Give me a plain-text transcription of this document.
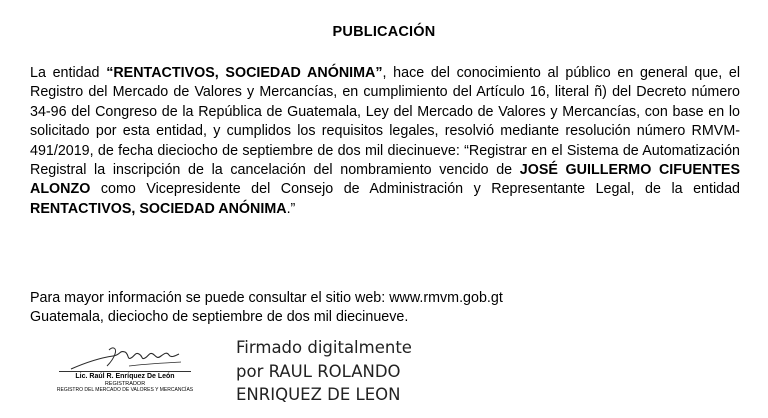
PUBLICACIÓN
La entidad “RENTACTIVOS, SOCIEDAD ANÓNIMA”, hace del conocimiento al público en general que, el Registro del Mercado de Valores y Mercancías, en cumplimiento del Artículo 16, literal ñ) del Decreto número 34-96 del Congreso de la República de Guatemala, Ley del Mercado de Valores y Mercancías, con base en lo solicitado por esta entidad, y cumplidos los requisitos legales, resolvió mediante resolución número RMVM-491/2019, de fecha dieciocho de septiembre de dos mil diecinueve: “Registrar en el Sistema de Automatización Registral la inscripción de la cancelación del nombramiento vencido de JOSÉ GUILLERMO CIFUENTES ALONZO como Vicepresidente del Consejo de Administración y Representante Legal, de la entidad RENTACTIVOS, SOCIEDAD ANÓNIMA.”
Para mayor información se puede consultar el sitio web: www.rmvm.gob.gt
Guatemala, dieciocho de septiembre de dos mil diecinueve.
Lic. Raúl R. Enríquez De León
REGISTRADOR
REGISTRO DEL MERCADO DE VALORES Y MERCANCÍAS
Firmado digitalmente
por RAUL ROLANDO
ENRIQUEZ DE LEON
